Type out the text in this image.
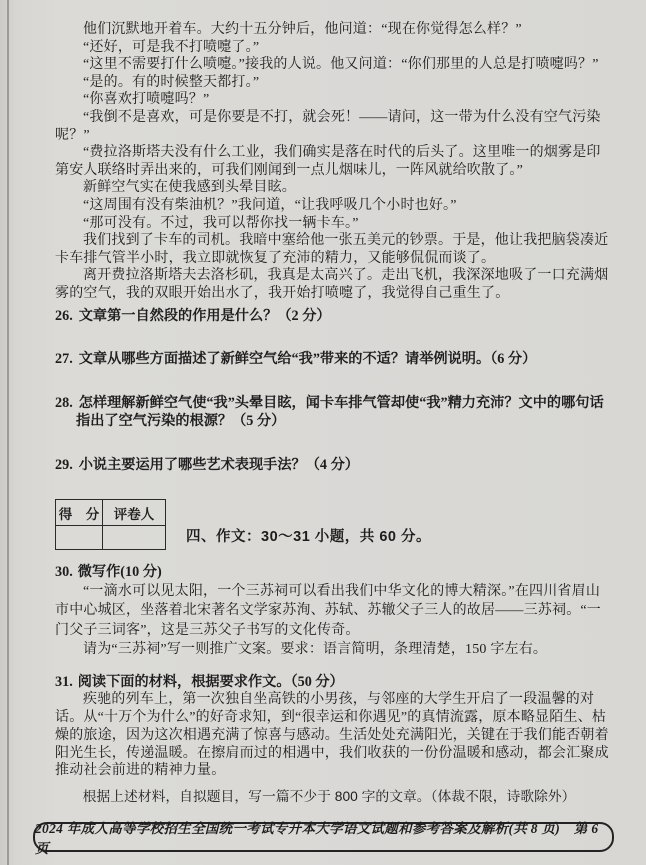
他们沉默地开着车。大约十五分钟后，他问道：“现在你觉得怎么样？”

“还好，可是我不打喷嚏了。”

“这里不需要打什么喷嚏。”接我的人说。他又问道：“你们那里的人总是打喷嚏吗？”

“是的。有的时候整天都打。”

“你喜欢打喷嚏吗？”

“我倒不是喜欢，可是你要是不打，就会死！——请问，这一带为什么没有空气污染呢？”

“费拉洛斯塔夫没有什么工业，我们确实是落在时代的后头了。这里唯一的烟雾是印第安人联络时弄出来的，可我们刚闻到一点儿烟味儿，一阵风就给吹散了。”

新鲜空气实在使我感到头晕目眩。

“这周围有没有柴油机？”我问道，“让我呼吸几个小时也好。”

“那可没有。不过，我可以帮你找一辆卡车。”

我们找到了卡车的司机。我暗中塞给他一张五美元的钞票。于是，他让我把脑袋凑近卡车排气管半小时，我立即就恢复了充沛的精力，又能够侃侃而谈了。

离开费拉洛斯塔夫去洛杉矶，我真是太高兴了。走出飞机，我深深地吸了一口充满烟雾的空气，我的双眼开始出水了，我开始打喷嚏了，我觉得自己重生了。

26. 文章第一自然段的作用是什么？（2 分）

27. 文章从哪些方面描述了新鲜空气给“我”带来的不适？请举例说明。（6 分）

28. 怎样理解新鲜空气使“我”头晕目眩，闻卡车排气管却使“我”精力充沛？文中的哪句话指出了空气污染的根源？（5 分）

29. 小说主要运用了哪些艺术表现手法？（4 分）

得　分	评卷人

四、作文：30～31 小题，共 60 分。

30. 微写作(10 分)

“一滴水可以见太阳，一个三苏祠可以看出我们中华文化的博大精深。”在四川省眉山市中心城区，坐落着北宋著名文学家苏洵、苏轼、苏辙父子三人的故居——三苏祠。“一门父子三词客”，这是三苏父子书写的文化传奇。

请为“三苏祠”写一则推广文案。要求：语言简明，条理清楚，150 字左右。

31. 阅读下面的材料，根据要求作文。（50 分）

疾驰的列车上，第一次独自坐高铁的小男孩，与邻座的大学生开启了一段温馨的对话。从“十万个为什么”的好奇求知，到“很幸运和你遇见”的真情流露，原本略显陌生、枯燥的旅途，因为这次相遇充满了惊喜与感动。生活处处充满阳光，关键在于我们能否朝着阳光生长，传递温暖。在擦肩而过的相遇中，我们收获的一份份温暖和感动，都会汇聚成推动社会前进的精神力量。

根据上述材料，自拟题目，写一篇不少于 800 字的文章。（体裁不限，诗歌除外）

2024 年成人高等学校招生全国统一考试专升本大学语文试题和参考答案及解析(共 8 页)　第 6 页
